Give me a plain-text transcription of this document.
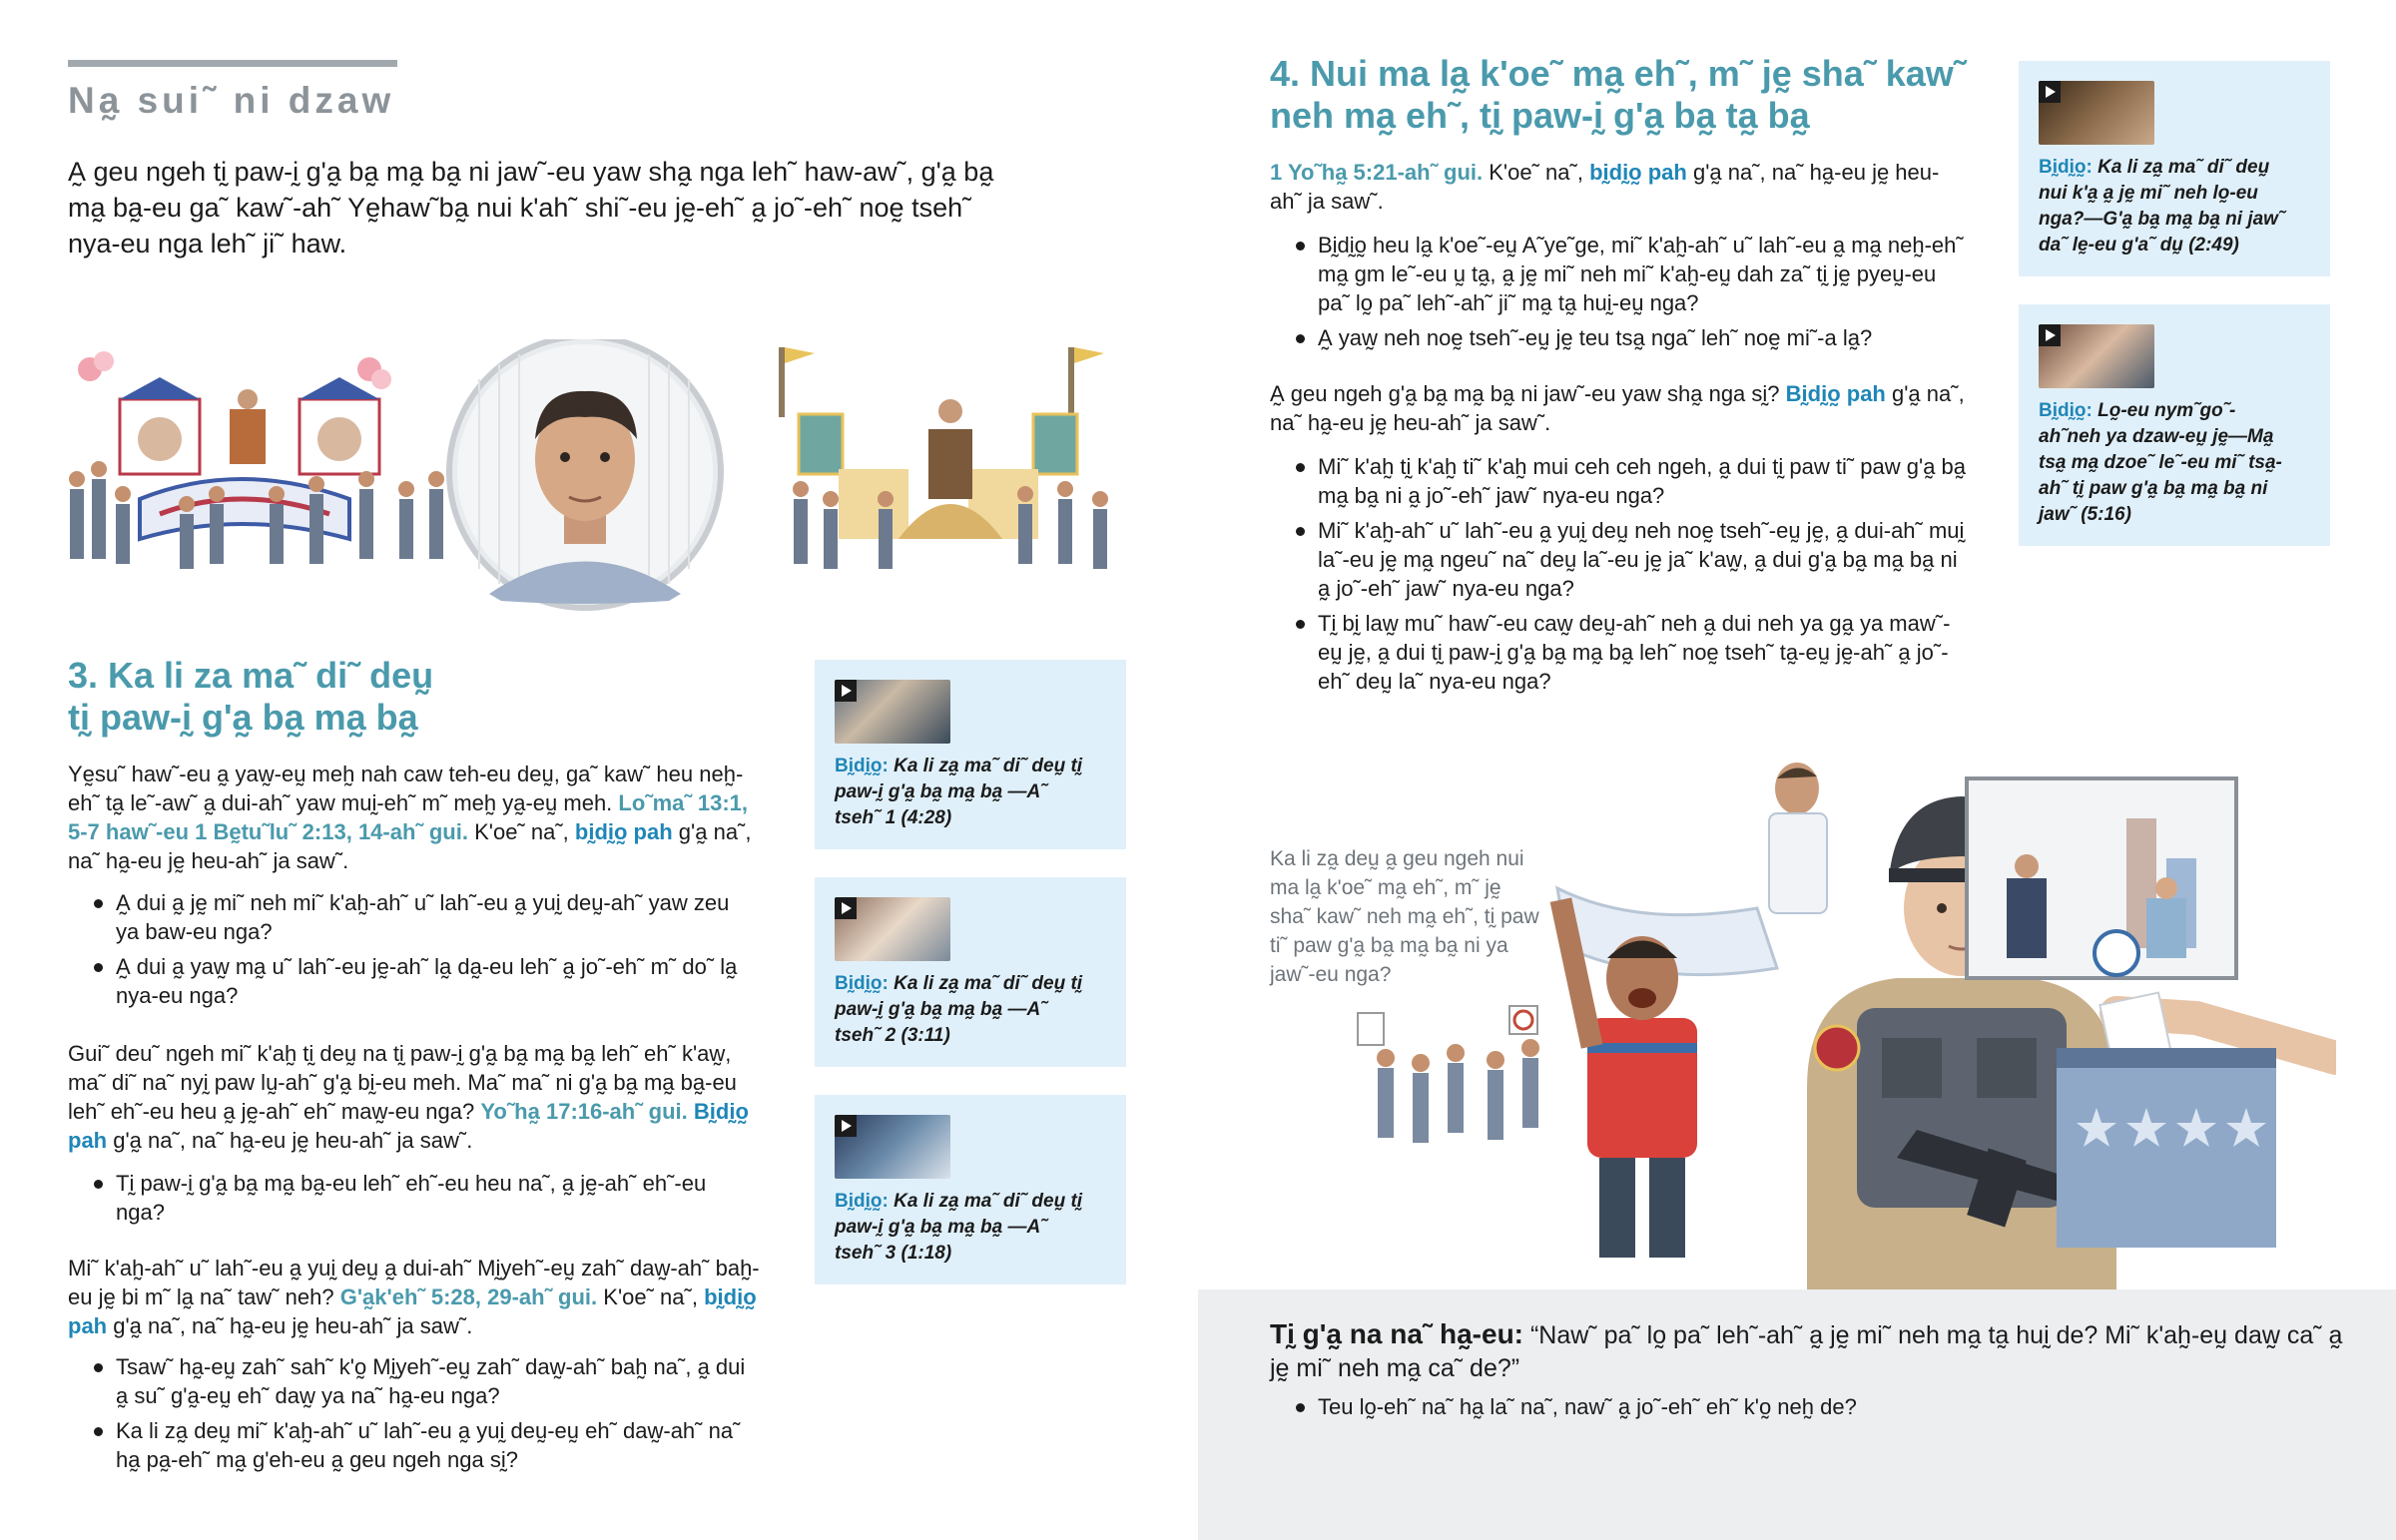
Na̰ sui˜ ni dzaw
A̰ geu ngeh tḭ paw-ḭ g'a̰ ba̰ ma̰ ba̰ ni jaw˜-eu yaw sha̰ nga leh˜ haw-aw˜, g'a̰ ba̰ ma̰ ba̰-eu ga˜ kaw˜-ah˜ Yḛhaw˜ba̰ nui k'ah˜ shi˜-eu jḛ-eh˜ a̰ jo˜-eh˜ noḛ tseh˜ nya-eu nga leh˜ ji˜ haw.
3. Ka li za ma˜ di˜ deṵ
tḭ paw-ḭ g'a̰ ba̰ ma̰ ba̰
Yḛsu˜ haw˜-eu a̰ yaw̰-eṵ meh̰ nah caw teh-eu deṵ, ga˜ kaw˜ heu neh̰-eh˜ ta̰ le˜-aw˜ a̰ dui-ah˜ yaw muḭ-eh˜ m˜ meh̰ ya̰-eṵ meh. Lo˜ma˜ 13:1, 5-7 haw˜-eu 1 Bḛtu˜lu˜ 2:13, 14-ah˜ gui. K'oe˜ na˜, bḭdḭo̰ pah g'a̰ na˜, na˜ ha̰-eu jḛ heu-ah˜ ja saw˜.
A̰ dui a̰ jḛ mi˜ neh mi˜ k'ah̰-ah˜ u˜ lah˜-eu a̰ yuḭ deṵ-ah˜ yaw zeu ya baw-eu nga?
A̰ dui a̰ yaw̰ ma̰ u˜ lah˜-eu jḛ-ah˜ la̰ da̰-eu leh˜ a̰ jo˜-eh˜ m˜ do˜ la̰ nya-eu nga?
Gui˜ deu˜ ngeh mi˜ k'ah̰ tḭ deṵ na tḭ paw-ḭ g'a̰ ba̰ ma̰ ba̰ leh˜ eh˜ k'aw̰, ma˜ di˜ na˜ nyḭ paw lṵ-ah˜ g'a̰ bḭ-eu meh. Ma˜ ma˜ ni g'a̰ ba̰ ma̰ ba̰-eu leh˜ eh˜-eu heu a̰ jḛ-ah˜ eh˜ maw̰-eu nga? Yo˜ha̰ 17:16-ah˜ gui. Bḭdḭo̰ pah g'a̰ na˜, na˜ ha̰-eu jḛ heu-ah˜ ja saw˜.
Tḭ paw-ḭ g'a̰ ba̰ ma̰ ba̰-eu leh˜ eh˜-eu heu na˜, a̰ jḛ-ah˜ eh˜-eu nga?
Mi˜ k'ah̰-ah˜ u˜ lah˜-eu a̰ yuḭ deṵ a̰ dui-ah˜ Mḭyeh˜-eṵ zah˜ daw̰-ah˜ bah̰-eu jḛ bi m˜ la̰ na˜ taw˜ neh? G'a̰k'eh˜ 5:28, 29-ah˜ gui. K'oe˜ na˜, bḭdḭo̰ pah g'a̰ na˜, na˜ ha̰-eu jḛ heu-ah˜ ja saw˜.
Tsaw˜ ha̰-eṵ zah˜ sah˜ k'o̰ Mḭyeh˜-eṵ zah˜ daw̰-ah˜ bah̰ na˜, a̰ dui a̰ su˜ g'a̰-eṵ eh˜ daw̰ ya na˜ ha̰-eu nga?
Ka li za̰ deṵ mi˜ k'ah̰-ah˜ u˜ lah˜-eu a̰ yuḭ deṵ-eṵ eh˜ daw̰-ah˜ na˜ ha̰ pa̰-eh˜ ma̰ g'eh-eu a̰ geu ngeh nga sḭ?
Bḭdḭo̰: Ka li za̰ ma˜ di˜ deṵ tḭ paw-ḭ g'a̰ ba̰ ma̰ ba̰ —A˜ tseh˜ 1 (4:28)
Bḭdḭo̰: Ka li za̰ ma˜ di˜ deṵ tḭ paw-ḭ g'a̰ ba̰ ma̰ ba̰ —A˜ tseh˜ 2 (3:11)
Bḭdḭo̰: Ka li za̰ ma˜ di˜ deṵ tḭ paw-ḭ g'a̰ ba̰ ma̰ ba̰ —A˜ tseh˜ 3 (1:18)
4. Nui ma la̰ k'oe˜ ma̰ eh˜, m˜ jḛ sha˜ kaw˜
neh ma̰ eh˜, tḭ paw-ḭ g'a̰ ba̰ ta̰ ba̰
1 Yo˜ha̰ 5:21-ah˜ gui. K'oe˜ na˜, bḭdḭo̰ pah g'a̰ na˜, na˜ ha̰-eu jḛ heu-ah˜ ja saw˜.
Bḭdḭo̰ heu la̰ k'oe˜-eṵ A˜ye˜ge, mi˜ k'ah̰-ah˜ u˜ lah˜-eu a̰ ma̰ neh̰-eh˜ ma̰ gm le˜-eu ṵ ta̰, a̰ jḛ mi˜ neh mi˜ k'ah̰-eṵ dah za˜ tḭ jḛ pyeṵ-eu pa˜ lo̰ pa˜ leh˜-ah˜ ji˜ ma̰ ta̰ huḭ-eṵ nga?
A̰ yaw̰ neh noḛ tseh˜-eṵ jḛ teu tsa̰ nga˜ leh˜ noḛ mi˜-a la̰?
A̰ geu ngeh g'a̰ ba̰ ma̰ ba̰ ni jaw˜-eu yaw sha̰ nga sḭ? Bḭdḭo̰ pah g'a̰ na˜, na˜ ha̰-eu jḛ heu-ah˜ ja saw˜.
Mi˜ k'ah̰ tḭ k'ah̰ ti˜ k'ah̰ mui ceh ceh ngeh, a̰ dui tḭ paw ti˜ paw g'a̰ ba̰ ma̰ ba̰ ni a̰ jo˜-eh˜ jaw˜ nya-eu nga?
Mi˜ k'ah̰-ah˜ u˜ lah˜-eu a̰ yuḭ deṵ neh noḛ tseh˜-eṵ jḛ, a̰ dui-ah˜ muḭ la˜-eu jḛ ma̰ ngeu˜ na˜ deṵ la˜-eu jḛ ja˜ k'aw̰, a̰ dui g'a̰ ba̰ ma̰ ba̰ ni a̰ jo˜-eh˜ jaw˜ nya-eu nga?
Tḭ bḭ law̰ mu˜ haw˜-eu caw̰ deṵ-ah˜ neh a̰ dui neh ya ga̰ ya maw˜-eṵ jḛ, a̰ dui tḭ paw-ḭ g'a̰ ba̰ ma̰ ba̰ leh˜ noḛ tseh˜ ta̰-eṵ jḛ-ah˜ a̰ jo˜-eh˜ deṵ la˜ nya-eu nga?
Bḭdḭo̰: Ka li za̰ ma˜ di˜ deṵ nui k'a̰ a̰ jḛ mi˜ neh lo̰-eu nga?—G'a̰ ba̰ ma̰ ba̰ ni jaw˜ da˜ lḛ-eu g'a˜ dṵ (2:49)
Bḭdḭo̰: Lo̰-eu nym˜go˜-ah˜neh ya dzaw-eṵ jḛ—Ma̰ tsa̰ ma̰ dzoe˜ le˜-eu mi˜ tsa̰-ah˜ tḭ paw g'a̰ ba̰ ma̰ ba̰ ni jaw˜ (5:16)
Ka li za̰ deṵ a̰ geu ngeh nui ma la̰ k'oe˜ ma̰ eh˜, m˜ jḛ sha˜ kaw˜ neh ma̰ eh˜, tḭ paw ti˜ paw g'a̰ ba̰ ma̰ ba̰ ni ya jaw˜-eu nga?
Tḭ g'a̰ na na˜ ha̰-eu: “Naw˜ pa˜ lo̰ pa˜ leh˜-ah˜ a̰ jḛ mi˜ neh ma̰ ta̰ huḭ de? Mi˜ k'ah̰-eṵ daw̰ ca˜ a̰ jḛ mi˜ neh ma̰ ca˜ de?”
Teu lo̰-eh˜ na˜ ha̰ la˜ na˜, naw˜ a̰ jo˜-eh˜ eh˜ k'o̰ neh̰ de?
